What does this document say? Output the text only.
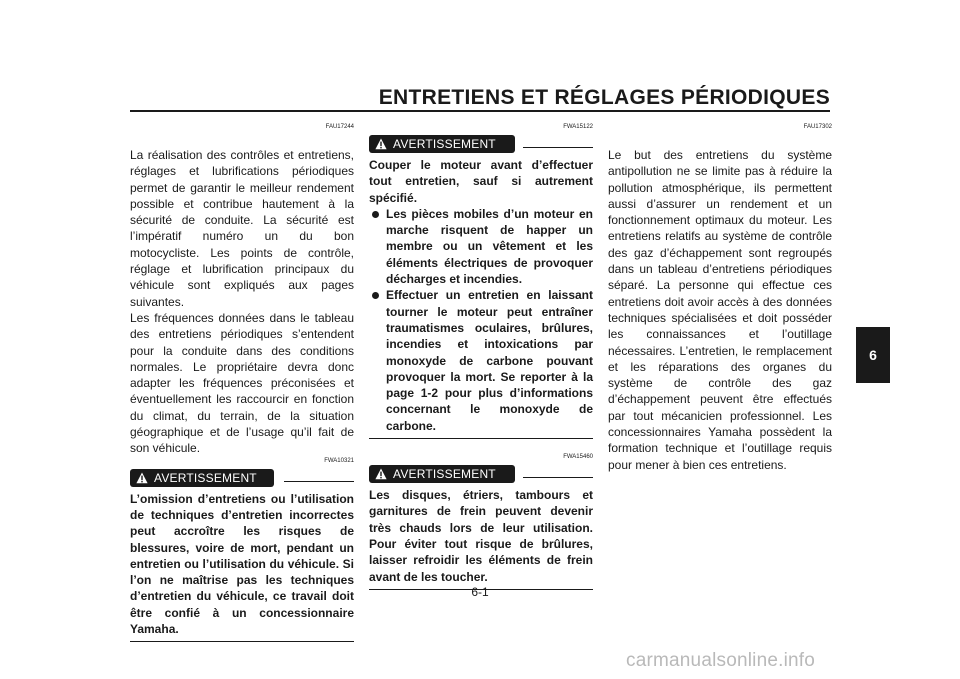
ENTRETIENS ET RÉGLAGES PÉRIODIQUES
FAU17244

La réalisation des contrôles et entretiens, réglages et lubrifications périodiques permet de garantir le meilleur rendement possible et contribue hautement à la sécurité de conduite. La sécurité est l’impératif numéro un du bon motocycliste. Les points de contrôle, réglage et lubrification principaux du véhicule sont expliqués aux pages suivantes.

Les fréquences données dans le tableau des entretiens périodiques s’entendent pour la conduite dans des conditions normales. Le propriétaire devra donc adapter les fréquences préconisées et éventuellement les raccourcir en fonction du climat, du terrain, de la situation géographique et de l’usage qu’il fait de son véhicule.

FWA10321
AVERTISSEMENT

L’omission d’entretiens ou l’utilisation de techniques d’entretien incorrectes peut accroître les risques de blessures, voire de mort, pendant un entretien ou l’utilisation du véhicule. Si l’on ne maîtrise pas les techniques d’entretien du véhicule, ce travail doit être confié à un concessionnaire Yamaha.

FWA15122
AVERTISSEMENT

Couper le moteur avant d’effectuer tout entretien, sauf si autrement spécifié.

Les pièces mobiles d’un moteur en marche risquent de happer un membre ou un vêtement et les éléments électriques de provoquer décharges et incendies.
Effectuer un entretien en laissant tourner le moteur peut entraîner traumatismes oculaires, brûlures, incendies et intoxications par monoxyde de carbone pouvant provoquer la mort. Se reporter à la page 1-2 pour plus d’informations concernant le monoxyde de carbone.
FWA15460
AVERTISSEMENT

Les disques, étriers, tambours et garnitures de frein peuvent devenir très chauds lors de leur utilisation. Pour éviter tout risque de brûlures, laisser refroidir les éléments de frein avant de les toucher.

FAU17302

Le but des entretiens du système antipollution ne se limite pas à réduire la pollution atmosphérique, ils permettent aussi d’assurer un rendement et un fonctionnement optimaux du moteur. Les entretiens relatifs au système de contrôle des gaz d’échappement sont regroupés dans un tableau d’entretiens périodiques séparé. La personne qui effectue ces entretiens doit avoir accès à des données techniques spécialisées et doit posséder les connaissances et l’outillage nécessaires. L’entretien, le remplacement et les réparations des organes du système de contrôle des gaz d’échappement peuvent être effectués par tout mécanicien professionnel. Les concessionnaires Yamaha possèdent la formation technique et l’outillage requis pour mener à bien ces entretiens.

6
6-1
carmanualsonline.info
